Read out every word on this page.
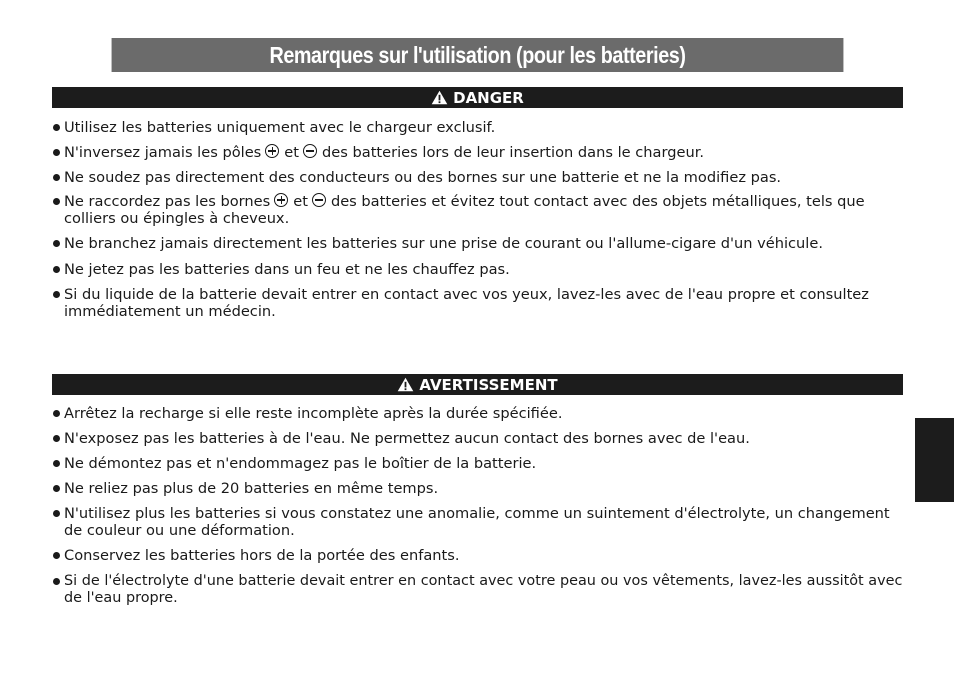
Remarques sur l'utilisation (pour les batteries)
DANGER
Utilisez les batteries uniquement avec le chargeur exclusif.
N'inversez jamais les pôles et des batteries lors de leur insertion dans le chargeur.
Ne soudez pas directement des conducteurs ou des bornes sur une batterie et ne la modifiez pas.
Ne raccordez pas les bornes et des batteries et évitez tout contact avec des objets métalliques, tels que
colliers ou épingles à cheveux.
Ne branchez jamais directement les batteries sur une prise de courant ou l'allume-cigare d'un véhicule.
Ne jetez pas les batteries dans un feu et ne les chauffez pas.
Si du liquide de la batterie devait entrer en contact avec vos yeux, lavez-les avec de l'eau propre et consultez
immédiatement un médecin.
AVERTISSEMENT
Arrêtez la recharge si elle reste incomplète après la durée spécifiée.
N'exposez pas les batteries à de l'eau. Ne permettez aucun contact des bornes avec de l'eau.
Ne démontez pas et n'endommagez pas le boîtier de la batterie.
Ne reliez pas plus de 20 batteries en même temps.
N'utilisez plus les batteries si vous constatez une anomalie, comme un suintement d'électrolyte, un changement
de couleur ou une déformation.
Conservez les batteries hors de la portée des enfants.
Si de l'électrolyte d'une batterie devait entrer en contact avec votre peau ou vos vêtements, lavez-les aussitôt avec
de l'eau propre.
